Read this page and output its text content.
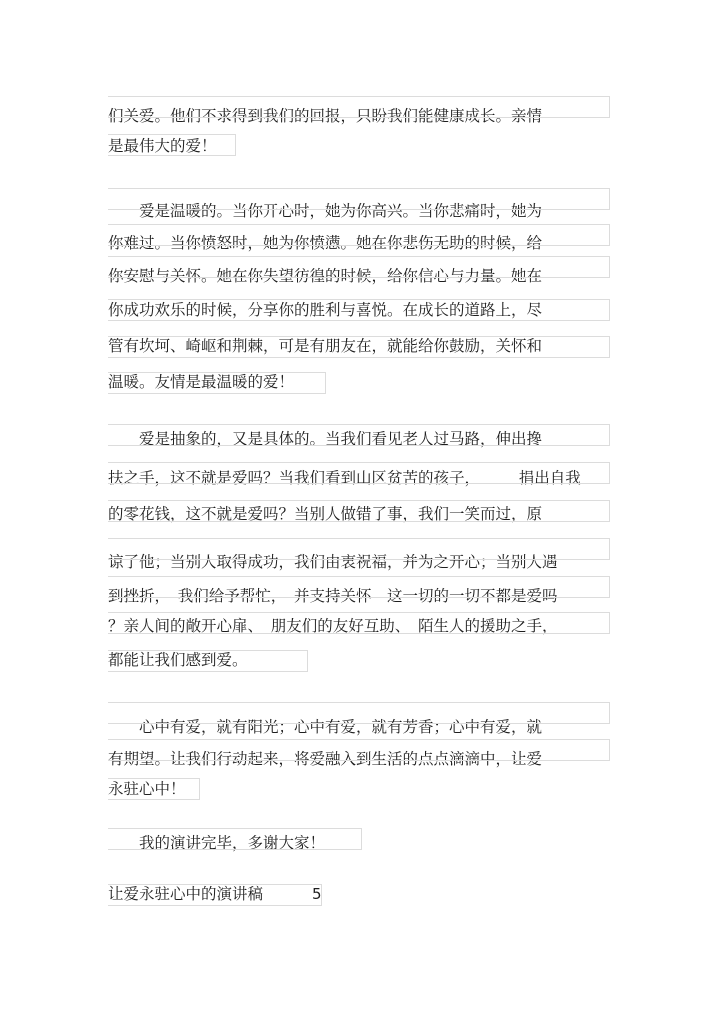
们关爱。他们不求得到我们的回报，只盼我们能健康成长。亲情
是最伟大的爱！
　　爱是温暖的。当你开心时，她为你高兴。当你悲痛时，她为
你难过。当你愤怒时，她为你愤懑。她在你悲伤无助的时候，给
你安慰与关怀。她在你失望彷徨的时候，给你信心与力量。她在
你成功欢乐的时候，分享你的胜利与喜悦。在成长的道路上，尽
管有坎坷、崎岖和荆棘，可是有朋友在，就能给你鼓励，关怀和
温暖。友情是最温暖的爱！
　　爱是抽象的，又是具体的。当我们看见老人过马路，伸出搀
扶之手，这不就是爱吗？当我们看到山区贫苦的孩子，　　　捐出自我
的零花钱，这不就是爱吗？当别人做错了事，我们一笑而过，原
谅了他；当别人取得成功，我们由衷祝福，并为之开心；当别人遇
到挫折，　我们给予帮忙，　并支持关怀　这一切的一切不都是爱吗
？亲人间的敞开心扉、　朋友们的友好互助、　陌生人的援助之手，
都能让我们感到爱。
　　心中有爱，就有阳光；心中有爱，就有芳香；心中有爱，就
有期望。让我们行动起来，将爱融入到生活的点点滴滴中，让爱
永驻心中！
　　我的演讲完毕，多谢大家！
让爱永驻心中的演讲稿	5
